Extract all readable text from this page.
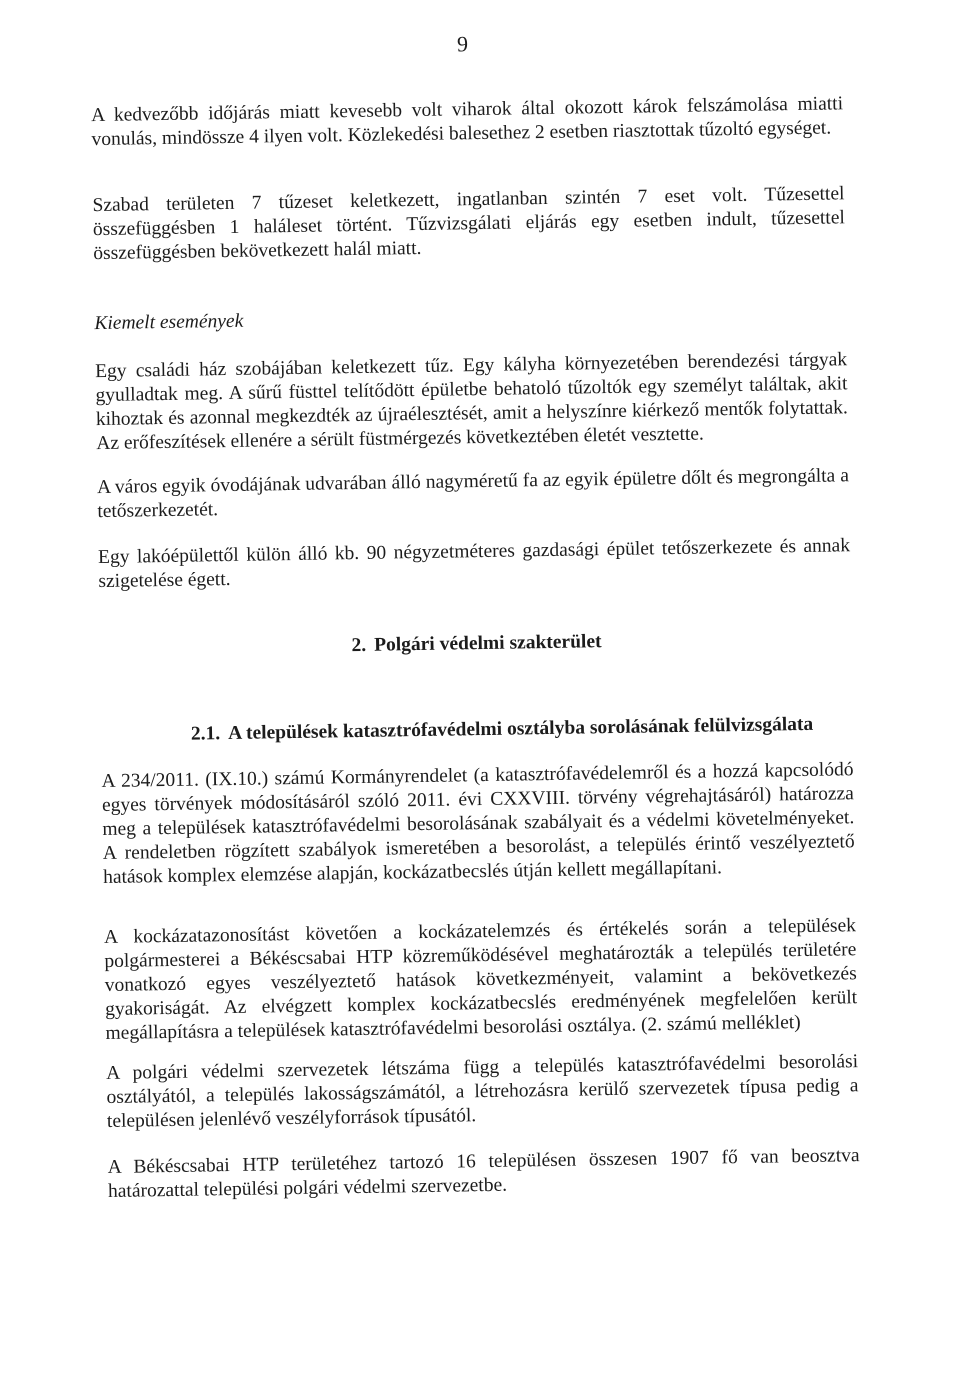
9

A kedvezőbb időjárás miatt kevesebb volt viharok által okozott károk felszámolása miatti vonulás, mindössze 4 ilyen volt. Közlekedési balesethez 2 esetben riasztottak tűzoltó egységet.

Szabad területen 7 tűzeset keletkezett, ingatlanban szintén 7 eset volt. Tűzesettel összefüggésben 1 haláleset történt. Tűzvizsgálati eljárás egy esetben indult, tűzesettel összefüggésben bekövetkezett halál miatt.

Kiemelt események

Egy családi ház szobájában keletkezett tűz. Egy kályha környezetében berendezési tárgyak gyulladtak meg. A sűrű füsttel telítődött épületbe behatoló tűzoltók egy személyt találtak, akit kihoztak és azonnal megkezdték az újraélesztését, amit a helyszínre kiérkező mentők folytattak. Az erőfeszítések ellenére a sérült füstmérgezés következtében életét vesztette.

A város egyik óvodájának udvarában álló nagyméretű fa az egyik épületre dőlt és megrongálta a tetőszerkezetét.

Egy lakóépülettől külön álló kb. 90 négyzetméteres gazdasági épület tetőszerkezete és annak szigetelése égett.

2. Polgári védelmi szakterület
2.1. A települések katasztrófavédelmi osztályba sorolásának felülvizsgálata

A 234/2011. (IX.10.) számú Kormányrendelet (a katasztrófavédelemről és a hozzá kapcsolódó egyes törvények módosításáról szóló 2011. évi CXXVIII. törvény végrehajtásáról) határozza meg a települések katasztrófavédelmi besorolásának szabályait és a védelmi követelményeket. A rendeletben rögzített szabályok ismeretében a besorolást, a település érintő veszélyeztető hatások komplex elemzése alapján, kockázatbecslés útján kellett megállapítani.

A kockázatazonosítást követően a kockázatelemzés és értékelés során a települések polgármesterei a Békéscsabai HTP közreműködésével meghatározták a település területére vonatkozó egyes veszélyeztető hatások következményeit, valamint a bekövetkezés gyakoriságát. Az elvégzett komplex kockázatbecslés eredményének megfelelően került megállapításra a települések katasztrófavédelmi besorolási osztálya. (2. számú melléklet)

A polgári védelmi szervezetek létszáma függ a település katasztrófavédelmi besorolási osztályától, a település lakosságszámától, a létrehozásra kerülő szervezetek típusa pedig a településen jelenlévő veszélyforrások típusától.

A Békéscsabai HTP területéhez tartozó 16 településen összesen 1907 fő van beosztva határozattal települési polgári védelmi szervezetbe.
